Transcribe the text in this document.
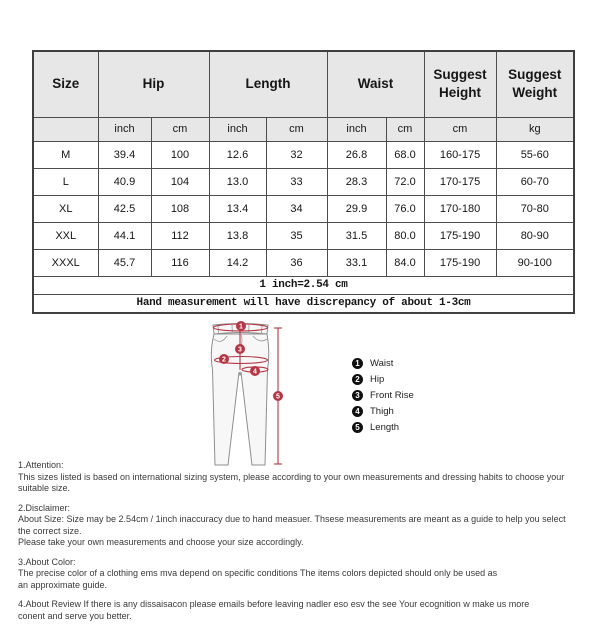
Size	Hip		Length		Waist		Suggest Height	Suggest Weight
	inch	cm	inch	cm	inch	cm	cm	kg
M	39.4	100	12.6	32	26.8	68.0	160-175	55-60
L	40.9	104	13.0	33	28.3	72.0	170-175	60-70
XL	42.5	108	13.4	34	29.9	76.0	170-180	70-80
XXL	44.1	112	13.8	35	31.5	80.0	175-190	80-90
XXXL	45.7	116	14.2	36	33.1	84.0	175-190	90-100
1 inch=2.54 cm								
Hand measurement will have discrepancy of about 1-3cm								
1
2
3
4
5
1	Waist
2	Hip
3	Front Rise
4	Thigh
5	Length
1.Attention:
This sizes listed is based on international sizing system, please according to your own measurements and dressing habits to choose your suitable size.
2.Disclaimer:
About Size: Size may be 2.54cm / 1inch inaccuracy due to hand measuer. Thsese measurements are meant as a guide to help you select the correct size.
Please take your own measurements and choose your size accordingly.
3.About Color:
The precise color of a clothing ems mva depend on specific conditions The items colors depicted should only be used as
an approximate guide.
4.About Review If there is any dissaisacon please emails before leaving nadler eso esv the see Your ecognition w make us more
conent and serve you better.
